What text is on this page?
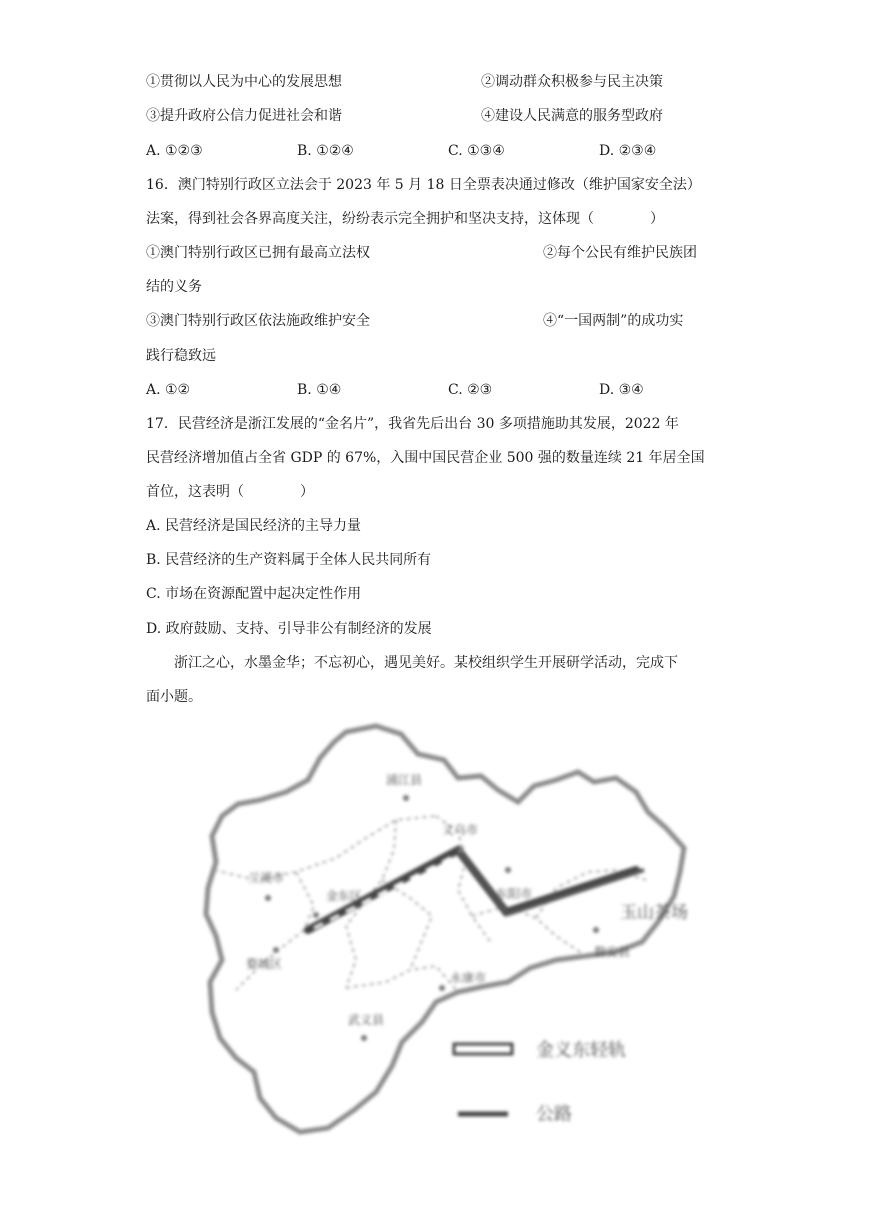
①贯彻以人民为中心的发展思想	②调动群众积极参与民主决策
③提升政府公信力促进社会和谐	④建设人民满意的服务型政府
A. ①②③	B. ①②④	C. ①③④	D. ②③④
16．澳门特别行政区立法会于 2023 年 5 月 18 日全票表决通过修改（维护国家安全法）
法案，得到社会各界高度关注，纷纷表示完全拥护和坚决支持，这体现（　　　　）
①澳门特别行政区已拥有最高立法权	②每个公民有维护民族团
结的义务
③澳门特别行政区依法施政维护安全	④“一国两制”的成功实
践行稳致远
A. ①②	B. ①④	C. ②③	D. ③④
17．民营经济是浙江发展的“金名片”，我省先后出台 30 多项措施助其发展，2022 年
民营经济增加值占全省 GDP 的 67%，入围中国民营企业 500 强的数量连续 21 年居全国
首位，这表明（　　　　）
A. 民营经济是国民经济的主导力量
B. 民营经济的生产资料属于全体人民共同所有
C. 市场在资源配置中起决定性作用
D. 政府鼓励、支持、引导非公有制经济的发展
浙江之心，水墨金华；不忘初心，遇见美好。某校组织学生开展研学活动，完成下
面小题。
浦江县
义乌市
兰溪市
金东区	东阳市
玉山茶场
婺城区
磐安县
永康市
武义县
金义东轻轨
公路
